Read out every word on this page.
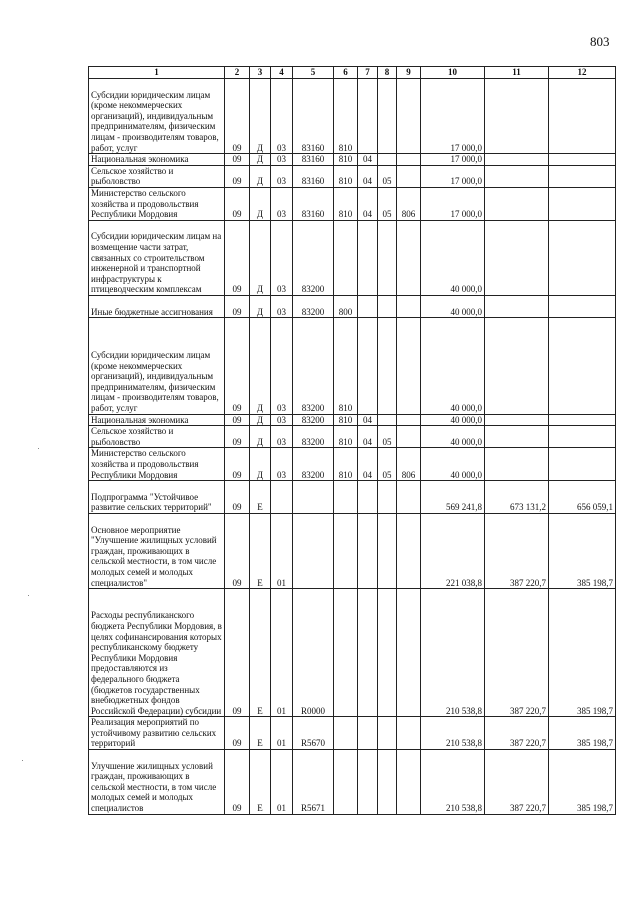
803
1	2	3	4	5	6	7	8	9	10	11	12
Субсидии юридическим лицам (кроме некоммерческих организаций), индивидуальным предпринимателям, физическим лицам - производителям товаров, работ, услуг	09	Д	03	83160	810				17 000,0		
Национальная экономика	09	Д	03	83160	810	04			17 000,0		
Сельское хозяйство и рыболовство	09	Д	03	83160	810	04	05		17 000,0		
Министерство сельского хозяйства и продовольствия Республики Мордовия	09	Д	03	83160	810	04	05	806	17 000,0		
Субсидии юридическим лицам на возмещение части затрат, связанных со строительством инженерной и транспортной инфраструктуры к птицеводческим комплексам	09	Д	03	83200					40 000,0		
Иные бюджетные ассигнования	09	Д	03	83200	800				40 000,0		
Субсидии юридическим лицам (кроме некоммерческих организаций), индивидуальным предпринимателям, физическим лицам - производителям товаров, работ, услуг	09	Д	03	83200	810				40 000,0		
Национальная экономика	09	Д	03	83200	810	04			40 000,0		
Сельское хозяйство и рыболовство	09	Д	03	83200	810	04	05		40 000,0		
Министерство сельского хозяйства и продовольствия Республики Мордовия	09	Д	03	83200	810	04	05	806	40 000,0		
Подпрограмма "Устойчивое развитие сельских территорий"	09	Е							569 241,8	673 131,2	656 059,1
Основное мероприятие "Улучшение жилищных условий граждан, проживающих в сельской местности, в том числе молодых семей и молодых специалистов"	09	Е	01						221 038,8	387 220,7	385 198,7
Расходы республиканского бюджета Республики Мордовия, в целях софинансирования которых республиканскому бюджету Республики Мордовия предоставляются из федерального бюджета (бюджетов государственных внебюджетных фондов Российской Федерации) субсидии	09	Е	01	R0000					210 538,8	387 220,7	385 198,7
Реализация мероприятий по устойчивому развитию сельских территорий	09	Е	01	R5670					210 538,8	387 220,7	385 198,7
Улучшение жилищных условий граждан, проживающих в сельской местности, в том числе молодых семей и молодых специалистов	09	Е	01	R5671					210 538,8	387 220,7	385 198,7
